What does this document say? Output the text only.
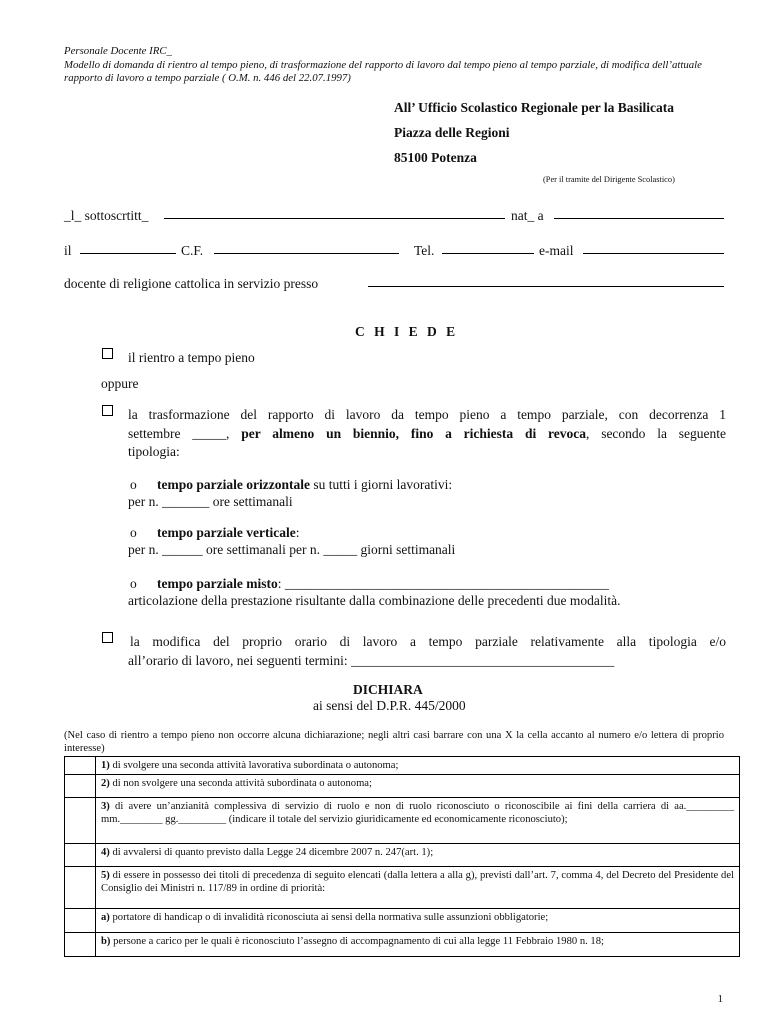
Personale Docente IRC_
Modello di domanda di rientro al tempo pieno, di trasformazione del rapporto di lavoro dal tempo pieno al tempo parziale, di modifica dell’attuale rapporto di lavoro a tempo parziale ( O.M. n. 446 del 22.07.1997)
All’ Ufficio Scolastico Regionale per la Basilicata
Piazza delle Regioni
85100 Potenza
(Per il tramite del Dirigente Scolastico)
_l_ sottoscrtitt_	nat_ a
il	C.F.	Tel.	e-mail
docente di religione cattolica in servizio presso
C H I E D E
il rientro a tempo pieno
oppure
la trasformazione del rapporto di lavoro da tempo pieno a tempo parziale, con decorrenza 1
settembre _____, per almeno un biennio, fino a richiesta di revoca, secondo la seguente
tipologia:
o tempo parziale orizzontale su tutti i giorni lavorativi:
per n. _______ ore settimanali
o tempo parziale verticale:
per n. ______ ore settimanali per n. _____ giorni settimanali
o tempo parziale misto: ________________________________________________
articolazione della prestazione risultante dalla combinazione delle precedenti due modalità.
la modifica del proprio orario di lavoro a tempo parziale relativamente alla tipologia e/o
all’orario di lavoro, nei seguenti termini: _______________________________________
DICHIARA
ai sensi del D.P.R. 445/2000
(Nel caso di rientro a tempo pieno non occorre alcuna dichiarazione; negli altri casi barrare con una X la cella accanto al numero e/o lettera di proprio interesse)
	1) di svolgere una seconda attività lavorativa subordinata o autonoma;
	2) di non svolgere una seconda attività subordinata o autonoma;
	3) di avere un’anzianità complessiva di servizio di ruolo e non di ruolo riconosciuto o riconoscibile ai fini della carriera di aa._________ mm.________ gg._________ (indicare il totale del servizio giuridicamente ed economicamente riconosciuto);
	4) di avvalersi di quanto previsto dalla Legge 24 dicembre 2007 n. 247(art. 1);
	5) di essere in possesso dei titoli di precedenza di seguito elencati (dalla lettera a alla g), previsti dall’art. 7, comma 4, del Decreto del Presidente del Consiglio dei Ministri n. 117/89 in ordine di priorità:
	a) portatore di handicap o di invalidità riconosciuta ai sensi della normativa sulle assunzioni obbligatorie;
	b) persone a carico per le quali è riconosciuto l’assegno di accompagnamento di cui alla legge 11 Febbraio 1980 n. 18;
1
